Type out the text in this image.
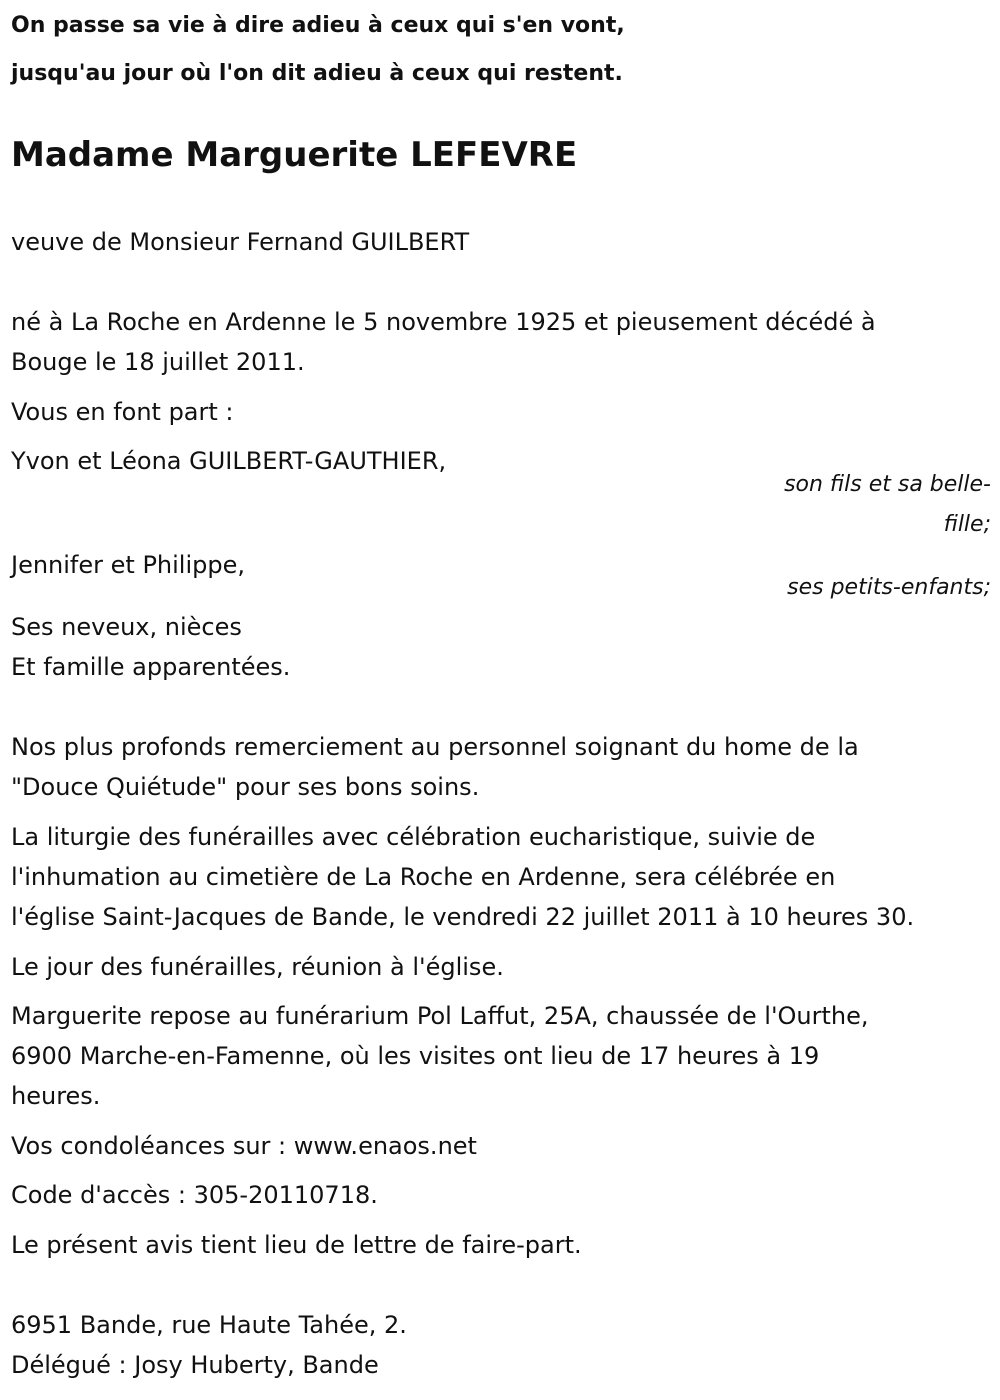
On passe sa vie à dire adieu à ceux qui s'en vont,

jusqu'au jour où l'on dit adieu à ceux qui restent.

Madame Marguerite LEFEVRE

veuve de Monsieur Fernand GUILBERT

né à La Roche en Ardenne le 5 novembre 1925 et pieusement décédé à

Bouge le 18 juillet 2011.

Vous en font part :

Yvon et Léona GUILBERT-GAUTHIER,

son fils et sa belle-

fille;

Jennifer et Philippe,

ses petits-enfants;

Ses neveux, nièces

Et famille apparentées.

Nos plus profonds remerciement au personnel soignant du home de la

"Douce Quiétude" pour ses bons soins.

La liturgie des funérailles avec célébration eucharistique, suivie de

l'inhumation au cimetière de La Roche en Ardenne, sera célébrée en

l'église Saint-Jacques de Bande, le vendredi 22 juillet 2011 à 10 heures 30.

Le jour des funérailles, réunion à l'église.

Marguerite repose au funérarium Pol Laffut, 25A, chaussée de l'Ourthe,

6900 Marche-en-Famenne, où les visites ont lieu de 17 heures à 19

heures.

Vos condoléances sur : www.enaos.net

Code d'accès : 305-20110718.

Le présent avis tient lieu de lettre de faire-part.

6951 Bande, rue Haute Tahée, 2.

Délégué : Josy Huberty, Bande
